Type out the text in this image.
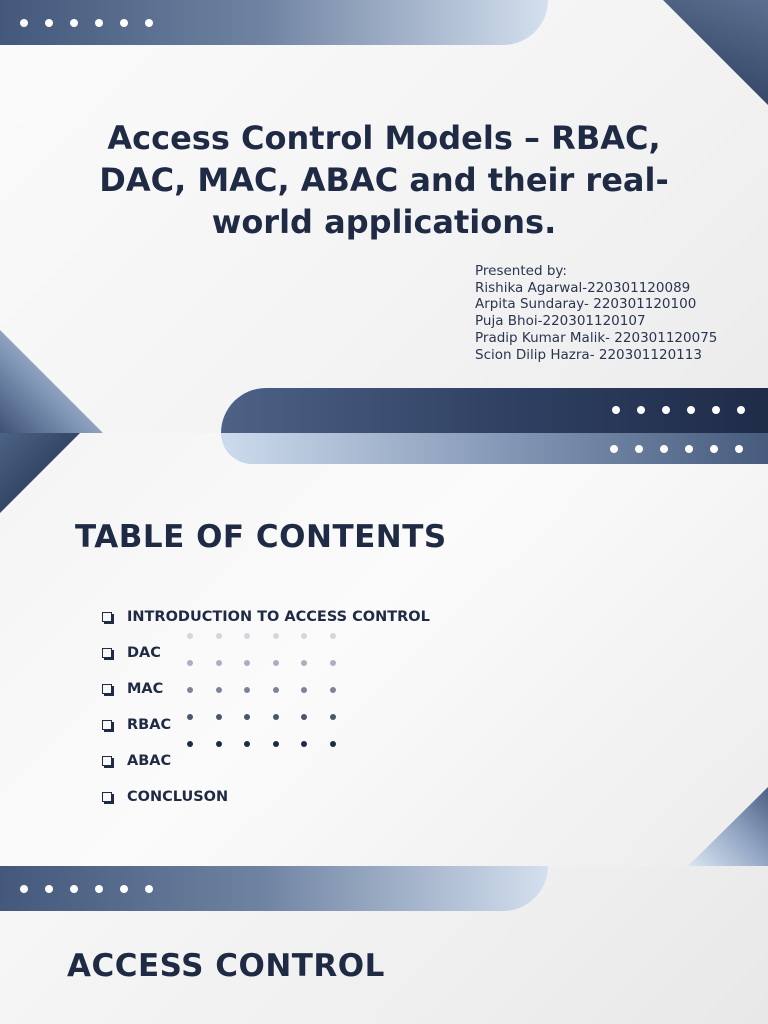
Access Control Models – RBAC, DAC, MAC, ABAC and their real-world applications.
Presented by:
Rishika Agarwal-220301120089
Arpita Sundaray- 220301120100
Puja Bhoi-220301120107
Pradip Kumar Malik- 220301120075
Scion Dilip Hazra- 220301120113
TABLE OF CONTENTS
INTRODUCTION TO ACCESS CONTROL
DAC
MAC
RBAC
ABAC
CONCLUSON
ACCESS CONTROL
